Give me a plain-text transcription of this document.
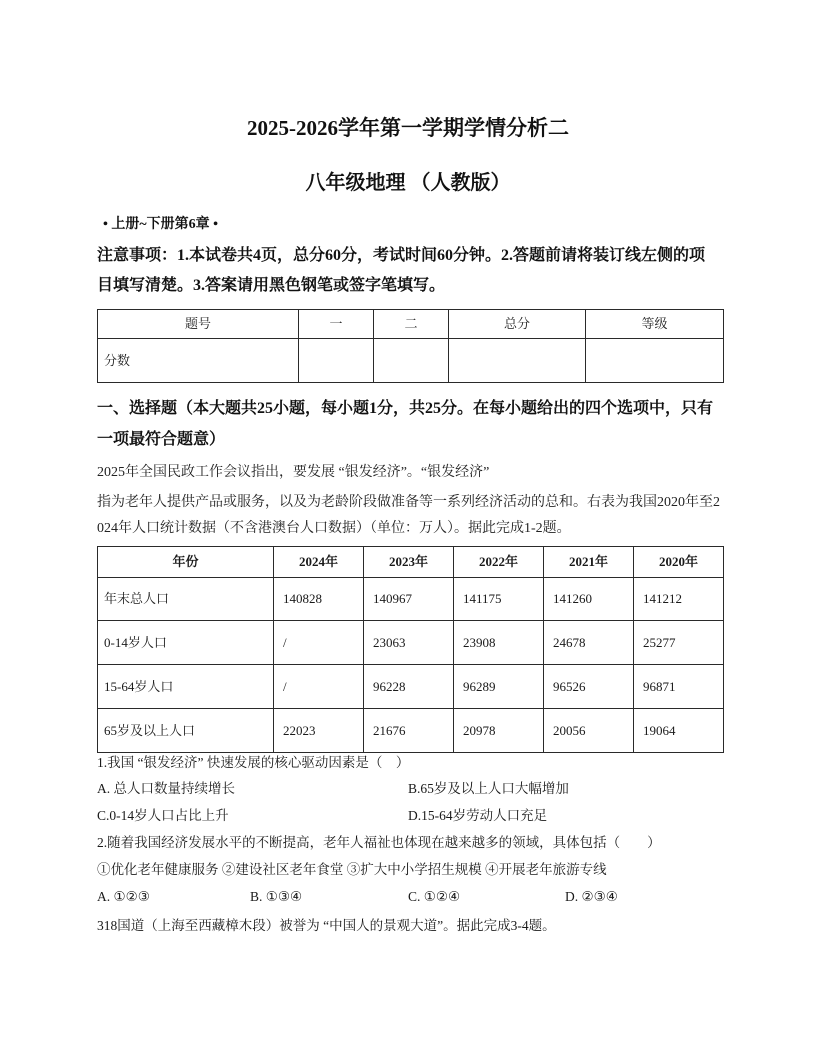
2025-2026学年第一学期学情分析二
八年级地理 （人教版）
• 上册~下册第6章 •
注意事项：1.本试卷共4页，总分60分，考试时间60分钟。2.答题前请将装订线左侧的项
目填写清楚。3.答案请用黑色钢笔或签字笔填写。
题号	一	二	总分	等级
分数				
一、选择题（本大题共25小题，每小题1分，共25分。在每小题给出的四个选项中，只有
一项最符合题意）
2025年全国民政工作会议指出，要发展 “银发经济”。“银发经济”
指为老年人提供产品或服务，以及为老龄阶段做准备等一系列经济活动的总和。右表为我国2020年至2
024年人口统计数据（不含港澳台人口数据）（单位：万人）。据此完成1-2题。
年份	2024年	2023年	2022年	2021年	2020年
年末总人口	140828	140967	141175	141260	141212
0-14岁人口	/	23063	23908	24678	25277
15-64岁人口	/	96228	96289	96526	96871
65岁及以上人口	22023	21676	20978	20056	19064
1.我国 “银发经济” 快速发展的核心驱动因素是（　）
A. 总人口数量持续增长	B.65岁及以上人口大幅增加
C.0-14岁人口占比上升	D.15-64岁劳动人口充足
2.随着我国经济发展水平的不断提高，老年人福祉也体现在越来越多的领域，具体包括（　　）
①优化老年健康服务 ②建设社区老年食堂 ③扩大中小学招生规模 ④开展老年旅游专线
A. ①②③	B. ①③④	C. ①②④	D. ②③④
318国道（上海至西藏樟木段）被誉为 “中国人的景观大道”。据此完成3-4题。
